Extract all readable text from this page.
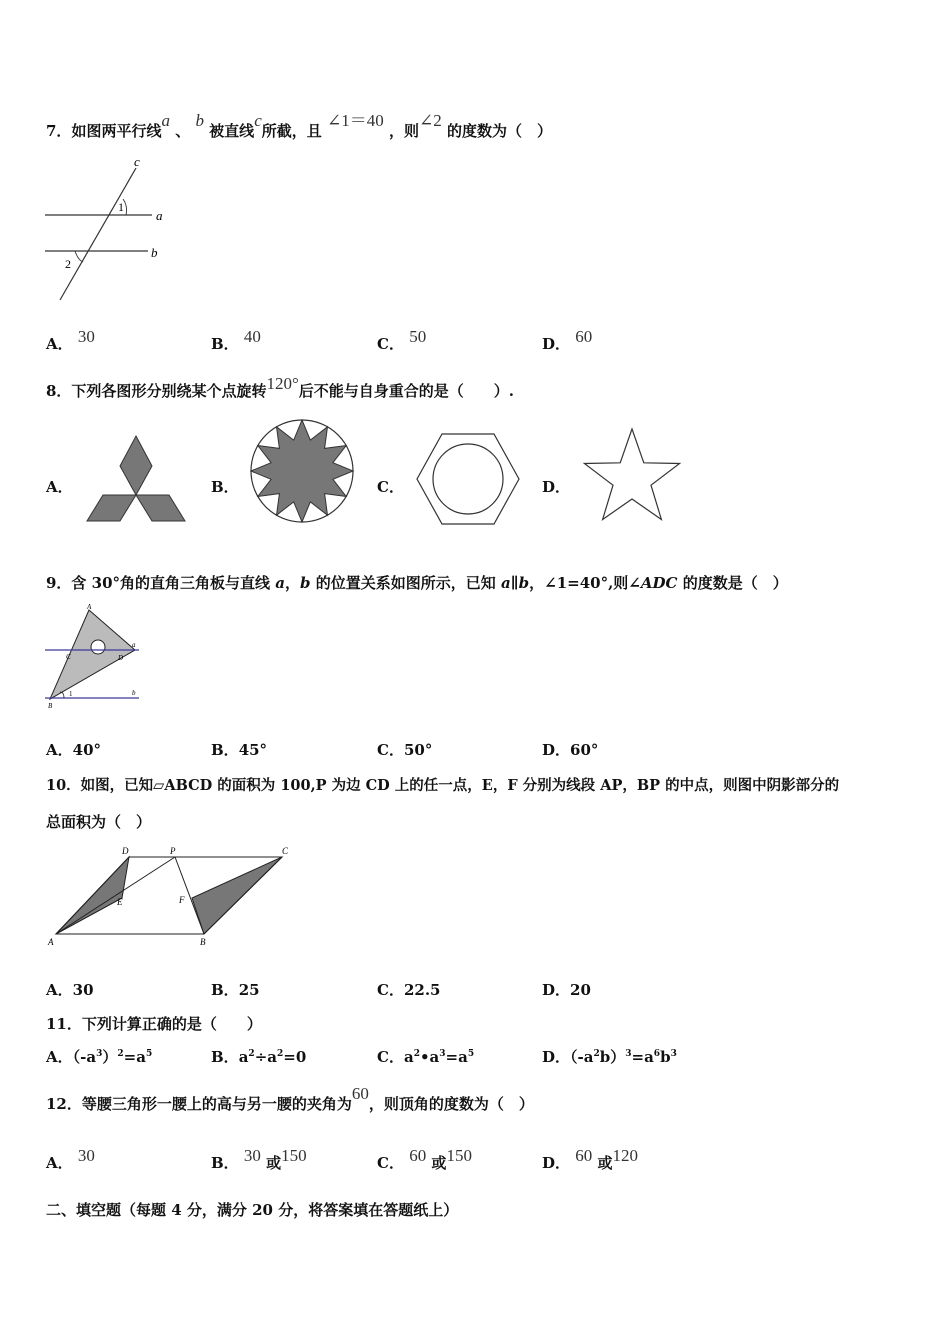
7．如图两平行线a 、 b 被直线c所截，且 ∠1＝40 ，则∠2 的度数为（　）
c
a
b
1
2
A． 30	B． 40	C． 50	D． 60
8．下列各图形分别绕某个点旋转120°后不能与自身重合的是（　　）.
A．	B．	C．	D．
9．含 30°角的直角三角板与直线 a，b 的位置关系如图所示，已知 a∥b，∠1=40°,则∠ADC 的度数是（　）
A
C	D
B
a
b
1
A．40°	B．45°	C．50°	D．60°
10．如图，已知▱ABCD 的面积为 100,P 为边 CD 上的任一点，E，F 分别为线段 AP，BP 的中点，则图中阴影部分的
总面积为（　）
D	P	C
E	F
A	B
A．30	B．25	C．22.5	D．20
11．下列计算正确的是（　　）
A．$(-a^3)^2=a^5$	B．$a^2\div a^2=0$	C．$a^2•a^3=a^5$	D．$(-a^2b)^3=a^6b^3$
12．等腰三角形一腰上的高与另一腰的夹角为60，则顶角的度数为（　）
A． 30	B． 30 或150	C． 60 或150	D． 60 或120
二、填空题（每题 4 分，满分 20 分，将答案填在答题纸上）
